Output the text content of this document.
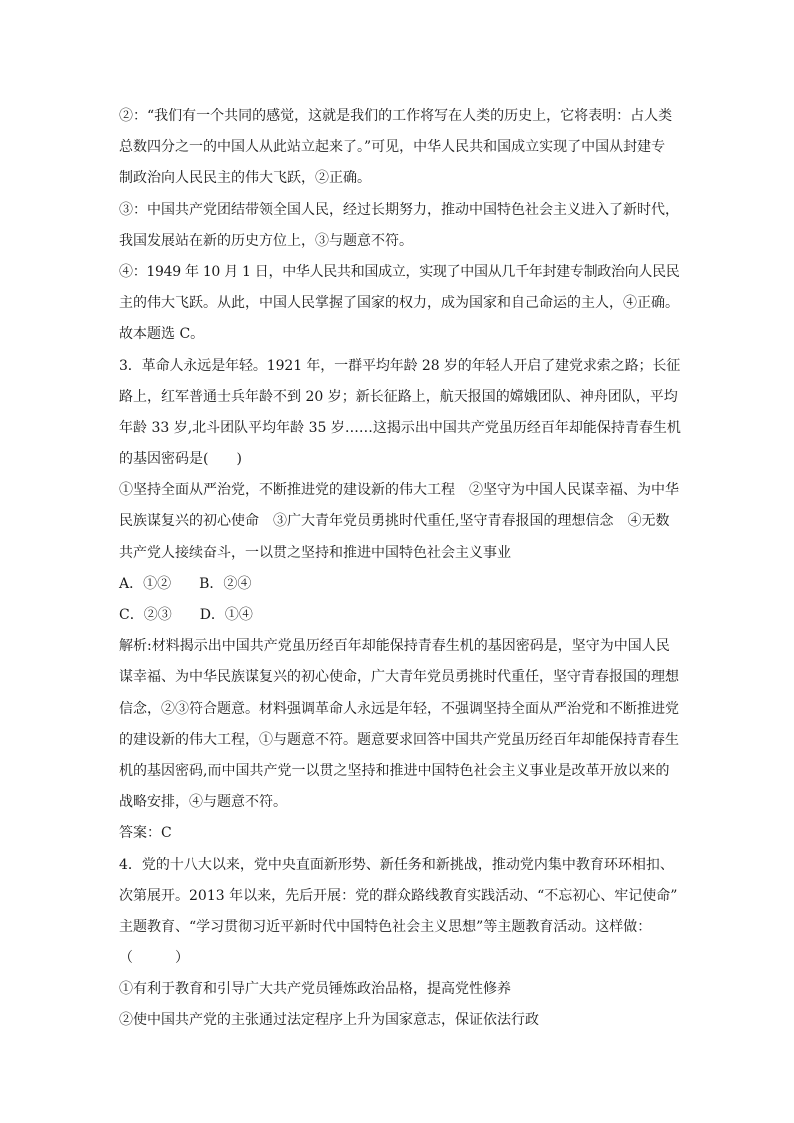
②：“我们有一个共同的感觉，这就是我们的工作将写在人类的历史上，它将表明：占人类
总数四分之一的中国人从此站立起来了。”可见，中华人民共和国成立实现了中国从封建专
制政治向人民民主的伟大飞跃，②正确。
③：中国共产党团结带领全国人民，经过长期努力，推动中国特色社会主义进入了新时代，
我国发展站在新的历史方位上，③与题意不符。
④：1949 年 10 月 1 日，中华人民共和国成立，实现了中国从几千年封建专制政治向人民民
主的伟大飞跃。从此，中国人民掌握了国家的权力，成为国家和自己命运的主人，④正确。
故本题选 C。
3．革命人永远是年轻。1921 年，一群平均年龄 28 岁的年轻人开启了建党求索之路；长征
路上，红军普通士兵年龄不到 20 岁；新长征路上，航天报国的嫦娥团队、神舟团队，平均
年龄 33 岁,北斗团队平均年龄 35 岁……这揭示出中国共产党虽历经百年却能保持青春生机
的基因密码是(　　)
①坚持全面从严治党，不断推进党的建设新的伟大工程　②坚守为中国人民谋幸福、为中华
民族谋复兴的初心使命　③广大青年党员勇挑时代重任,坚守青春报国的理想信念　④无数
共产党人接续奋斗，一以贯之坚持和推进中国特色社会主义事业
A．①②　　B．②④
C．②③　　D．①④
解析:材料揭示出中国共产党虽历经百年却能保持青春生机的基因密码是，坚守为中国人民
谋幸福、为中华民族谋复兴的初心使命，广大青年党员勇挑时代重任，坚守青春报国的理想
信念，②③符合题意。材料强调革命人永远是年轻，不强调坚持全面从严治党和不断推进党
的建设新的伟大工程，①与题意不符。题意要求回答中国共产党虽历经百年却能保持青春生
机的基因密码,而中国共产党一以贯之坚持和推进中国特色社会主义事业是改革开放以来的
战略安排，④与题意不符。
答案：C
4．党的十八大以来，党中央直面新形势、新任务和新挑战，推动党内集中教育环环相扣、
次第展开。2013 年以来，先后开展：党的群众路线教育实践活动、“不忘初心、牢记使命”
主题教育、“学习贯彻习近平新时代中国特色社会主义思想”等主题教育活动。这样做：
（　　　）
①有利于教育和引导广大共产党员锤炼政治品格，提高党性修养
②使中国共产党的主张通过法定程序上升为国家意志，保证依法行政
